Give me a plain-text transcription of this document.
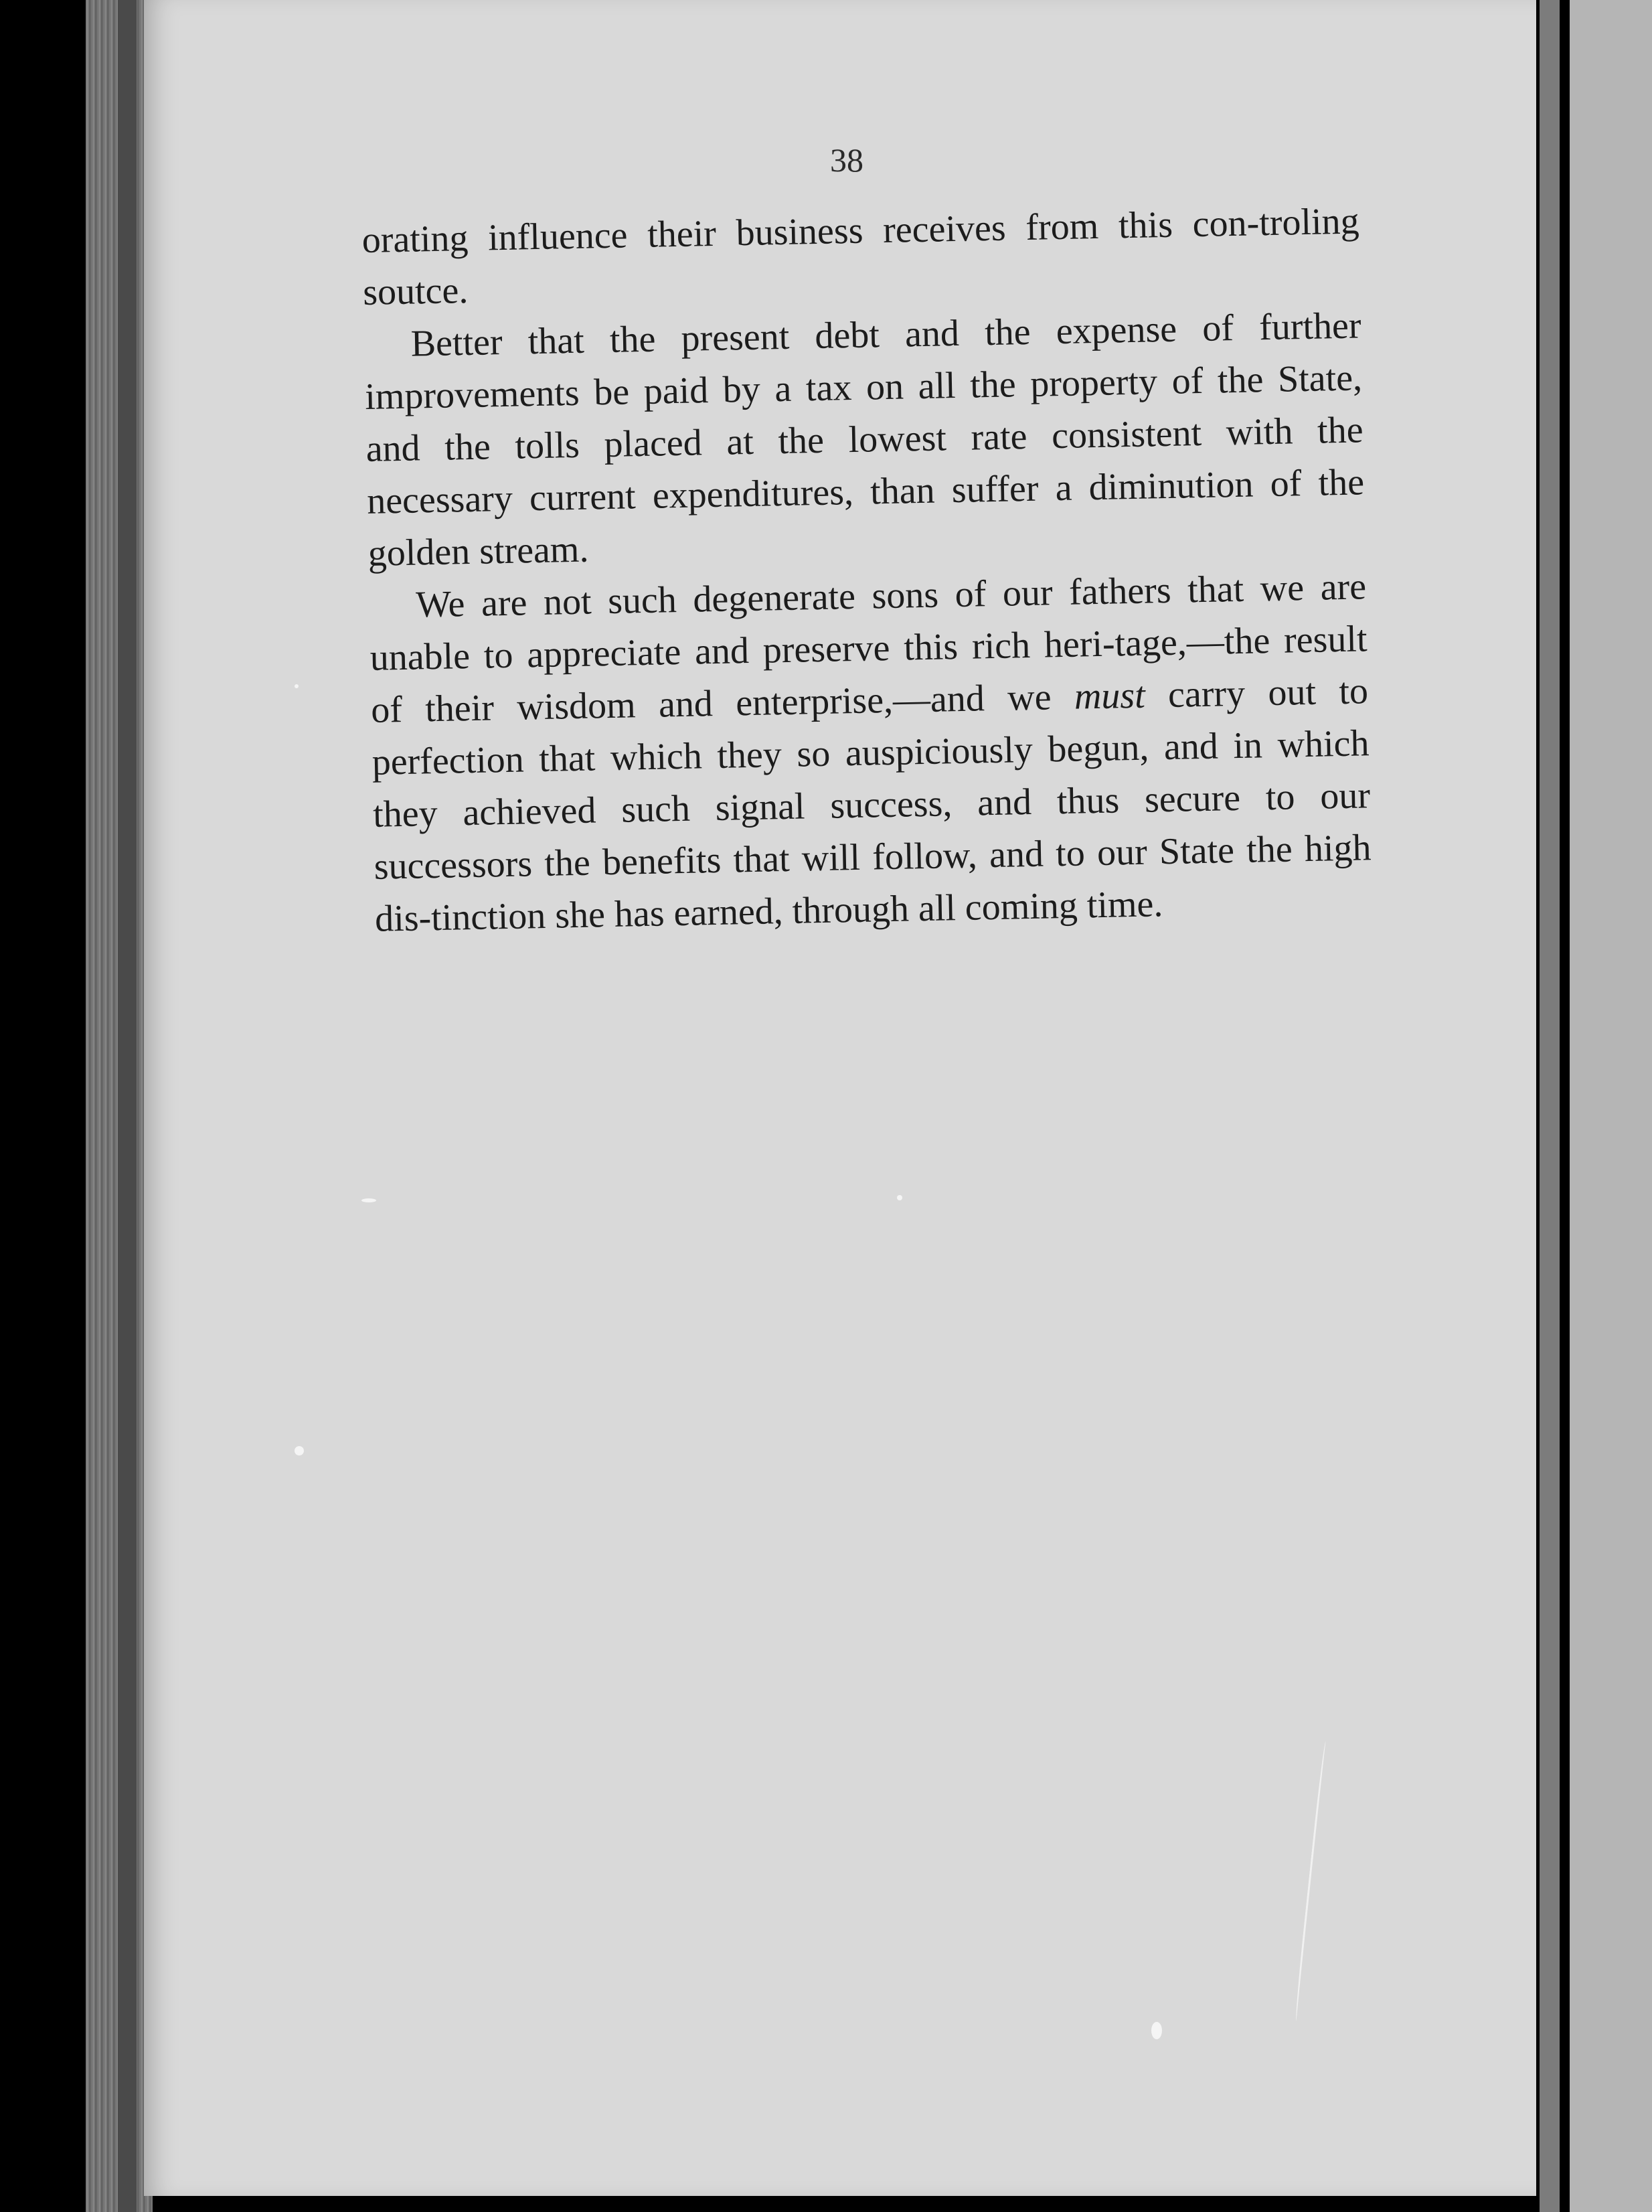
38

orating influence their business receives from this con-troling soutce.

Better that the present debt and the expense of further improvements be paid by a tax on all the property of the State, and the tolls placed at the lowest rate consistent with the necessary current expenditures, than suffer a diminution of the golden stream.

We are not such degenerate sons of our fathers that we are unable to appreciate and preserve this rich heri-tage,—the result of their wisdom and enterprise,—and we must carry out to perfection that which they so auspiciously begun, and in which they achieved such signal success, and thus secure to our successors the benefits that will follow, and to our State the high dis-tinction she has earned, through all coming time.
